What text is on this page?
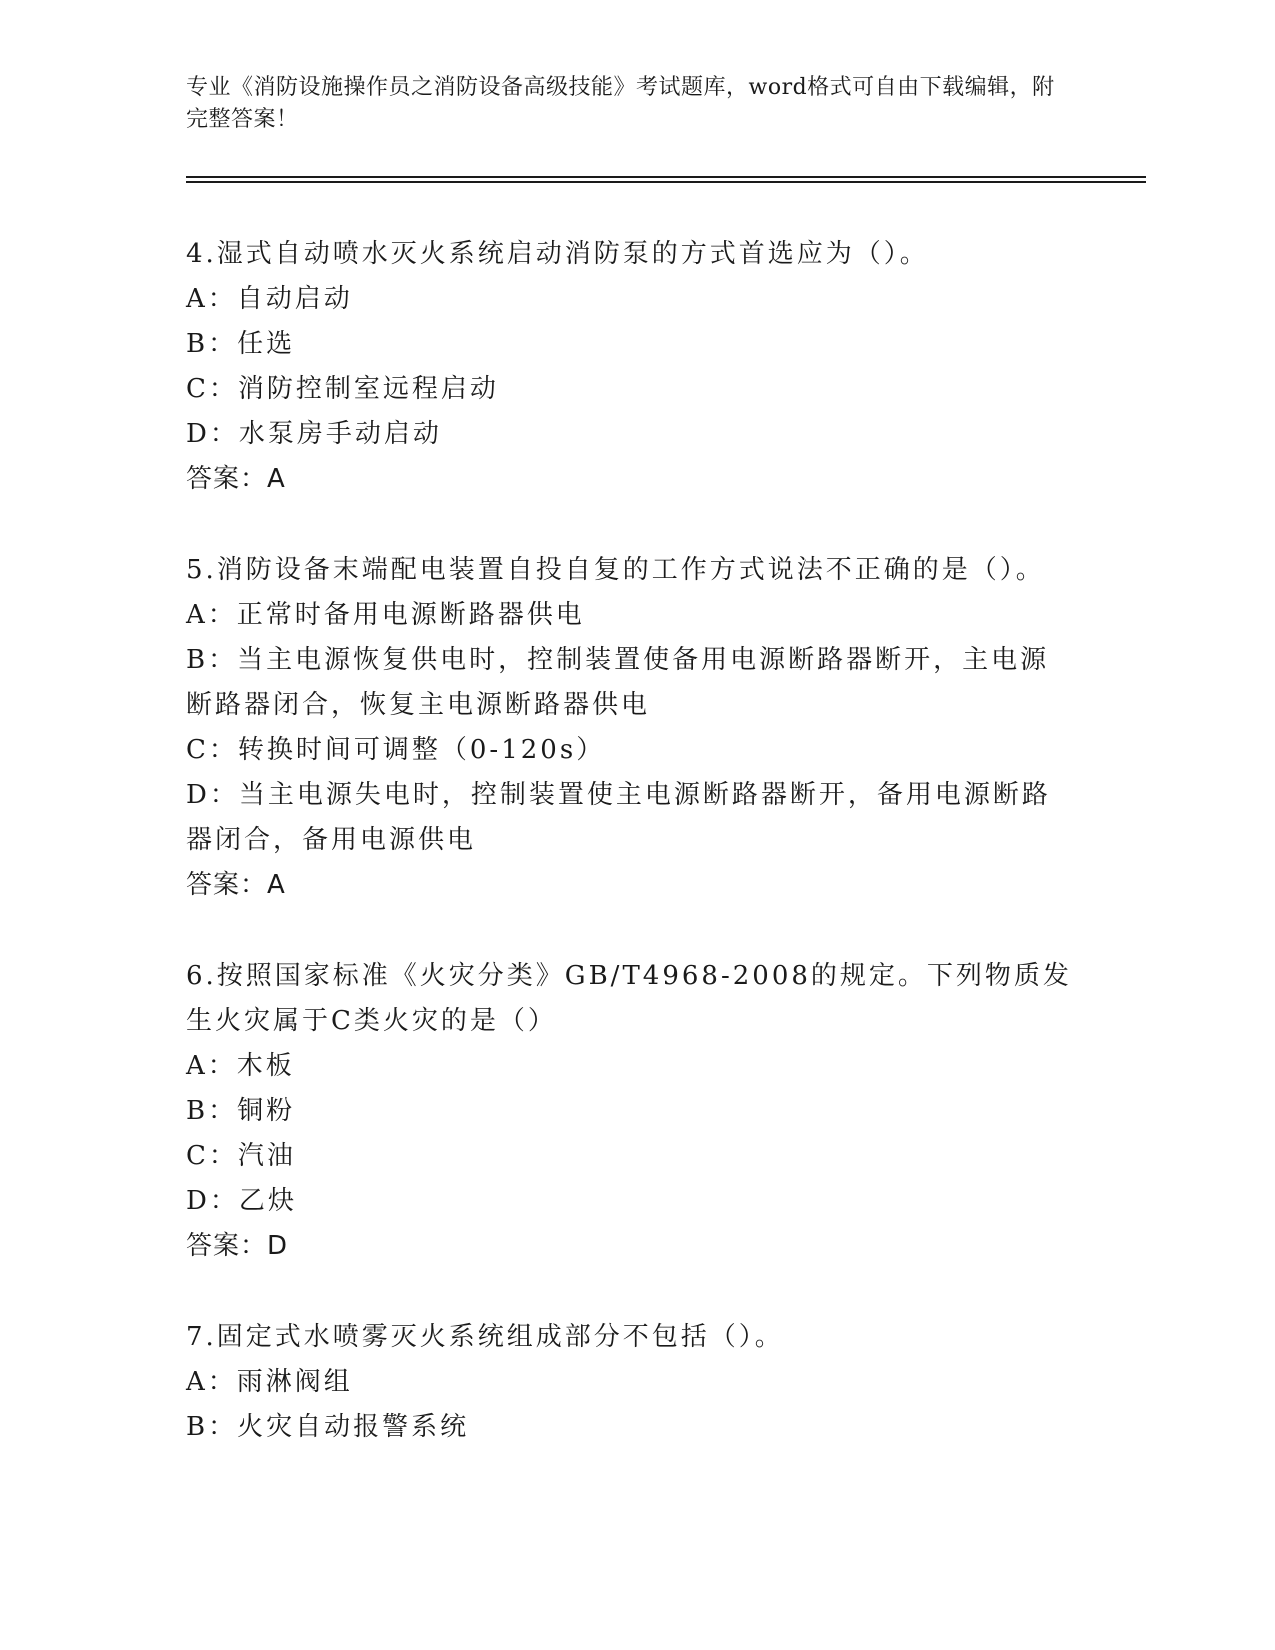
专业《消防设施操作员之消防设备高级技能》考试题库，word格式可自由下载编辑，附完整答案！
4.湿式自动喷水灭火系统启动消防泵的方式首选应为（）。
A：自动启动
B：任选
C：消防控制室远程启动
D：水泵房手动启动
答案：A
5.消防设备末端配电装置自投自复的工作方式说法不正确的是（）。
A：正常时备用电源断路器供电
B：当主电源恢复供电时，控制装置使备用电源断路器断开，主电源断路器闭合，恢复主电源断路器供电
C：转换时间可调整（0-120s）
D：当主电源失电时，控制装置使主电源断路器断开，备用电源断路器闭合，备用电源供电
答案：A
6.按照国家标准《火灾分类》GB/T4968-2008的规定。下列物质发生火灾属于C类火灾的是（）
A：木板
B：铜粉
C：汽油
D：乙炔
答案：D
7.固定式水喷雾灭火系统组成部分不包括（）。
A：雨淋阀组
B：火灾自动报警系统
